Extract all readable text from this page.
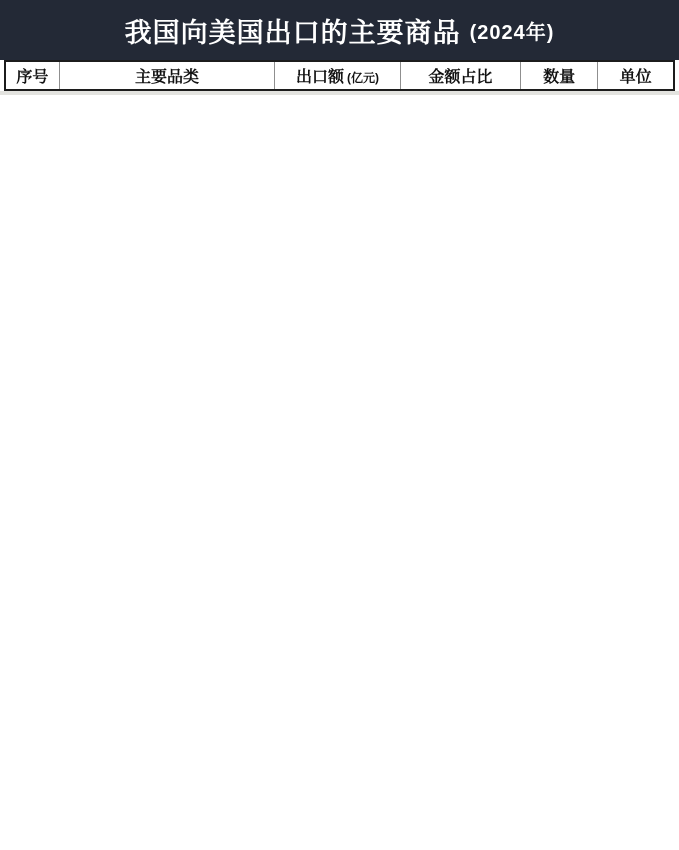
我国向美国出口的主要商品 (2024年)
序号	主要品类	出口额 (亿元)	金额占比	数量	单位
